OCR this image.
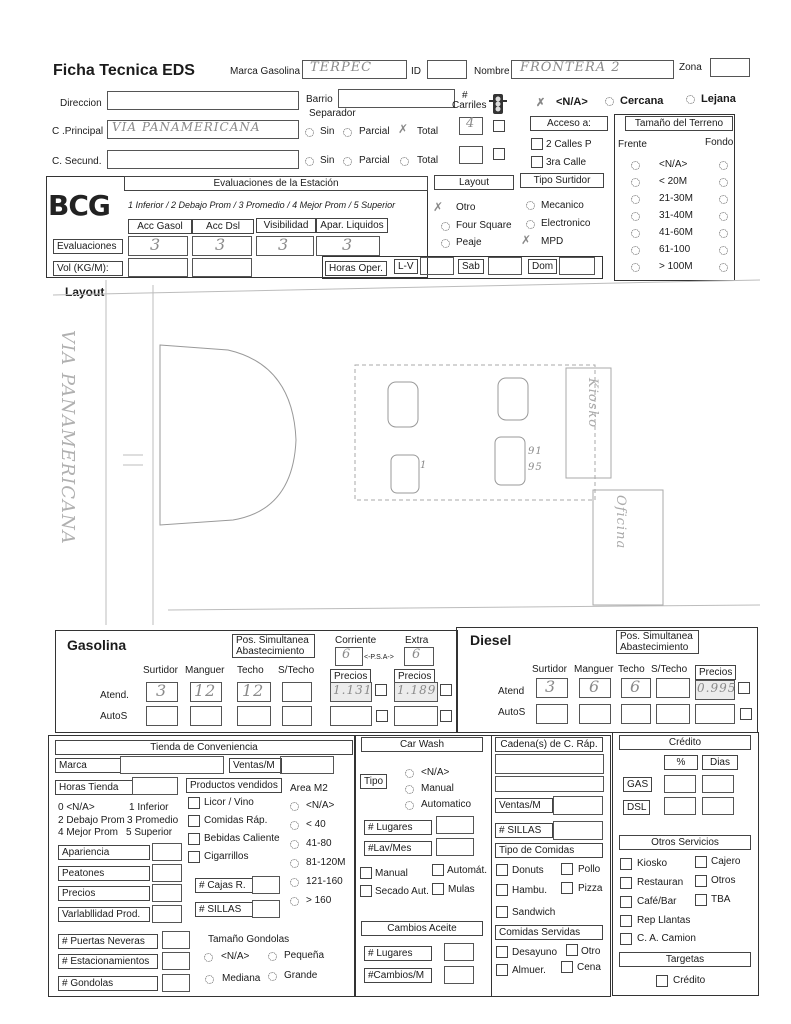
Ficha Tecnica EDS	Marca Gasolina TERPEC	ID	Nombre FRONTERA 2	Zona
Direccion	Barrio
Separador
#
Carriles	✗ <N/A>	Cercana	Lejana
C .Principal VIA PANAMERICANA	Sin Parcial ✗ Total
4	Acceso a:
2 Calles P
3ra Calle
C. Secund.	Sin Parcial	Total
Tamaño del Terreno
Frente	Fondo
<N/A>
< 20M
21-30M
31-40M
41-60M
61-100
> 100M
BCG
Evaluaciones de la Estación
1 Inferior / 2 Debajo Prom / 3 Promedio / 4 Mejor Prom / 5 Superior
Acc Gasol	Acc Dsl	Visibilidad	Apar. Liquidos
Evaluaciones	3	3	3	3
Vol (KG/M):
Layout
✗ Otro
Four Square
Peaje
Tipo Surtidor
Mecanico
Electronico
✗ MPD
Horas Oper.	L-V	Sab	Dom
Layout
VIA PANAMERICANA	Kiosko
Oficina
1
91
95
Gasolina	Pos. Simultanea Abastecimiento
Corriente	Extra
6 <-P.S.A-> 6
Surtidor Manguer Techo S/Techo
Precios	Precios
Atend. 3 12 12	1.131 1.189
AutoS
Diesel	Pos. Simultanea Abastecimiento
Surtidor Manguer Techo S/Techo	Precios
Atend 3 6 6	0.995
AutoS
Tienda de Conveniencia
Marca	Ventas/M
Horas Tienda	Productos vendidos	Area M2
0 <N/A>	1 Inferior
2 Debajo Prom 3 Promedio
4 Mejor Prom 5 Superior
Licor / Vino
Comidas Ráp.
Bebidas Caliente
Cigarrillos
<N/A>
< 40
41-80
81-120M
121-160
> 160
Apariencia
Peatones
Precios
Varlabllidad Prod.
# Cajas R.
# SILLAS
# Puertas Neveras
# Estacionamientos
# Gondolas
Tamaño Gondolas
<N/A>	Pequeña
Mediana Grande
Car Wash
Tipo
<N/A>
Manual
Automatico
# Lugares
#Lav/Mes
Manual	Automát.
Secado Aut. Mulas
Cambios Aceite
# Lugares
#Cambios/M
Cadena(s) de C. Ráp.
Ventas/M
# SILLAS
Tipo de Comidas
Donuts	Pollo
Hambu.	Pizza
Sandwich
Comidas Servidas
Desayuno Otro
Almuer.	Cena
Crédito
%	Dias
GAS
DSL
Otros Servicios
Kiosko	Cajero
Restauran	Otros
Café/Bar	TBA
Rep Llantas
C. A. Camion
Targetas
Crédito
